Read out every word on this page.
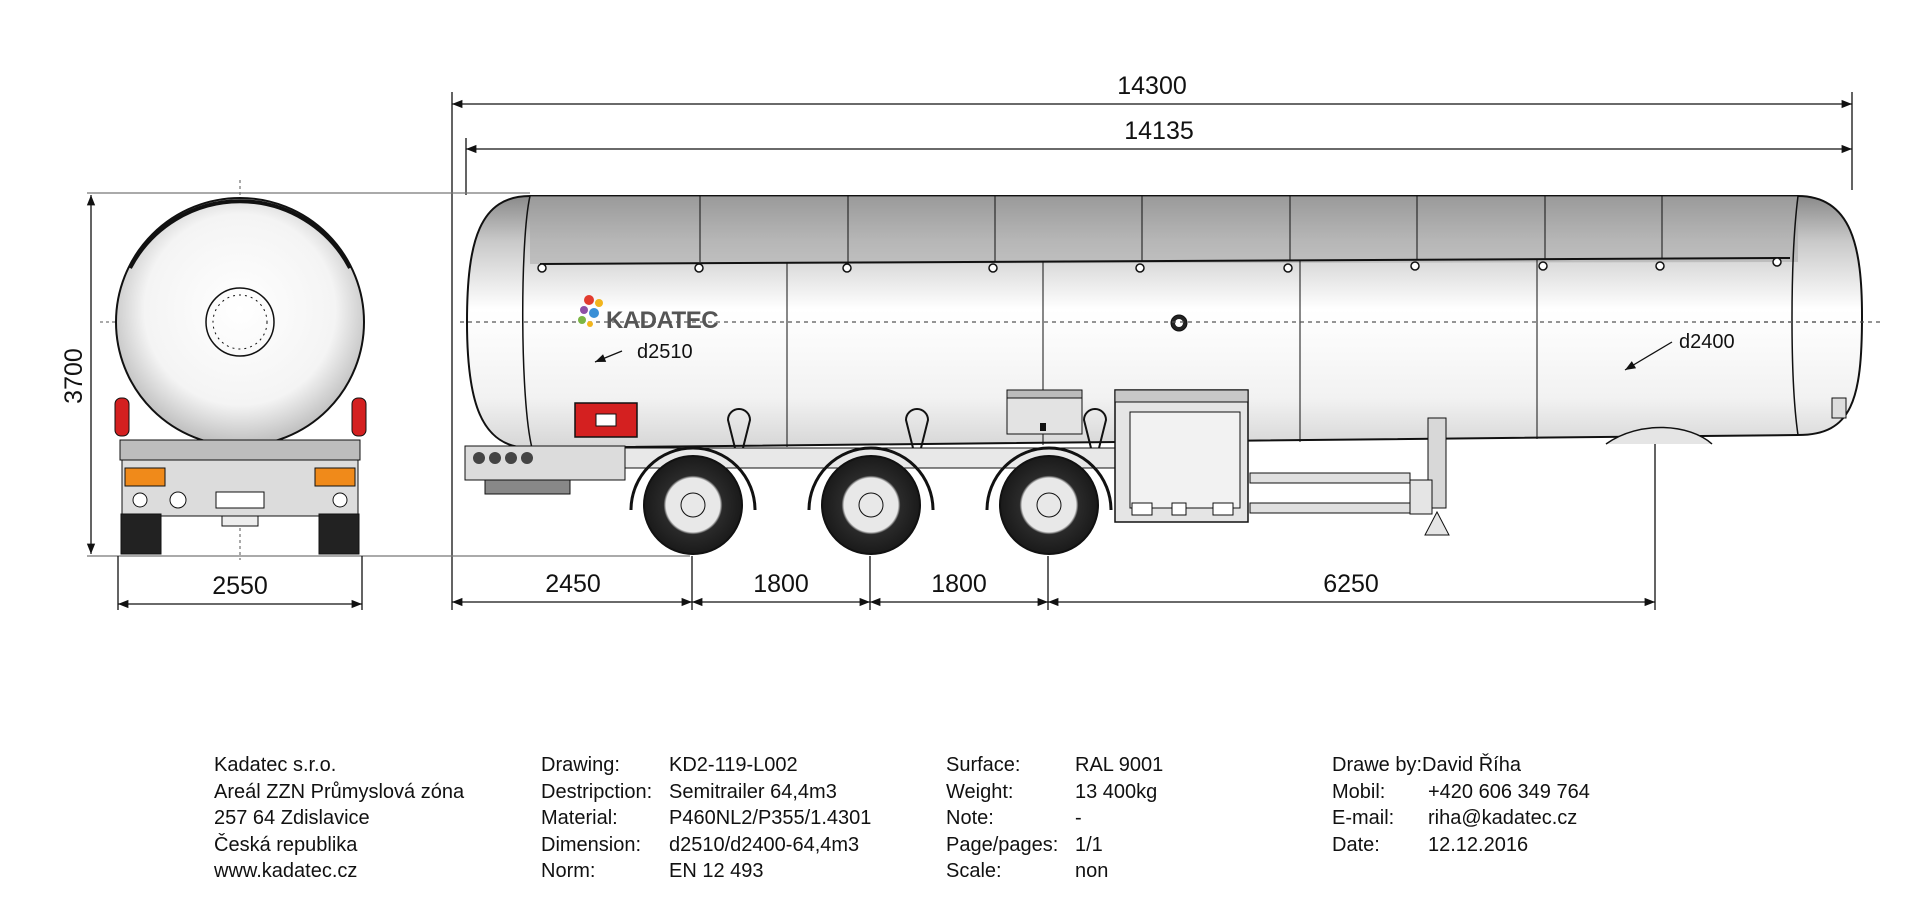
14300
14135
3700
2550	2450	1800	1800	6250
d2510	d2400
KADATEC
Kadatec s.r.o.
Areál ZZN Průmyslová zóna
257 64 Zdislavice
Česká republika
www.kadatec.cz
Drawing: KD2-119-L002
Destripction: Semitrailer 64,4m3
Material:	P460NL2/P355/1.4301
Dimension: d2510/d2400-64,4m3
Norm:	EN 12 493
Surface:	RAL 9001
Weight:	13 400kg
Note:	-
Page/pages: 1/1
Scale:	non
Drawe by:David Říha
Mobil: +420 606 349 764
E-mail: riha@kadatec.cz
Date: 12.12.2016
